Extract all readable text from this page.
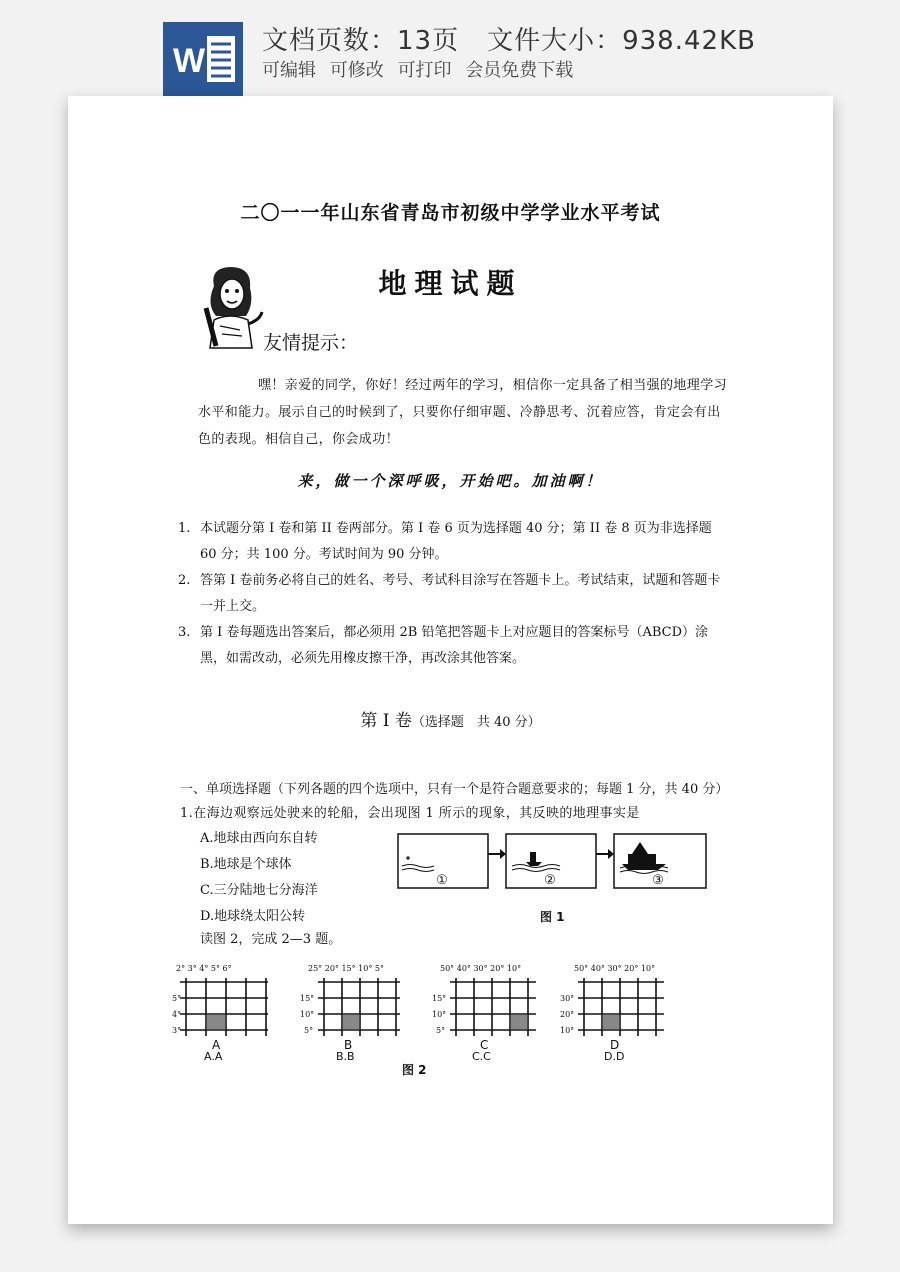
W
文档页数：13页 文件大小：938.42KB
可编辑 可修改 可打印 会员免费下载
二〇一一年山东省青岛市初级中学学业水平考试
地理试题
友情提示：

嘿！亲爱的同学，你好！经过两年的学习，相信你一定具备了相当强的地理学习水平和能力。展示自己的时候到了，只要你仔细审题、冷静思考、沉着应答，肯定会有出色的表现。相信自己，你会成功！

来，做一个深呼吸，开始吧。加油啊！
1. 本试题分第 I 卷和第 II 卷两部分。第 I 卷 6 页为选择题 40 分；第 II 卷 8 页为非选择题 60 分；共 100 分。考试时间为 90 分钟。
2. 答第 I 卷前务必将自己的姓名、考号、考试科目涂写在答题卡上。考试结束，试题和答题卡一并上交。
3. 第 I 卷每题选出答案后，都必须用 2B 铅笔把答题卡上对应题目的答案标号（ABCD）涂黑，如需改动，必须先用橡皮擦干净，再改涂其他答案。
第 I 卷（选择题　共 40 分）
一、单项选择题（下列各题的四个选项中，只有一个是符合题意要求的；每题 1 分，共 40 分）
1.在海边观察远处驶来的轮船，会出现图 1 所示的现象，其反映的地理事实是
A.地球由西向东自转
B.地球是个球体
C.三分陆地七分海洋
D.地球绕太阳公转
读图 2，完成 2—3 题。
①	②	③
图 1
2° 3° 4° 5° 6°
5°
4°
3°
A
A.A
25° 20° 15° 10° 5°
15°
10°
5°
B
B.B
50° 40° 30° 20° 10°
15°
10°
5°
C
C.C
50° 40° 30° 20° 10°
30°
20°
10°
D
D.D
图 2
